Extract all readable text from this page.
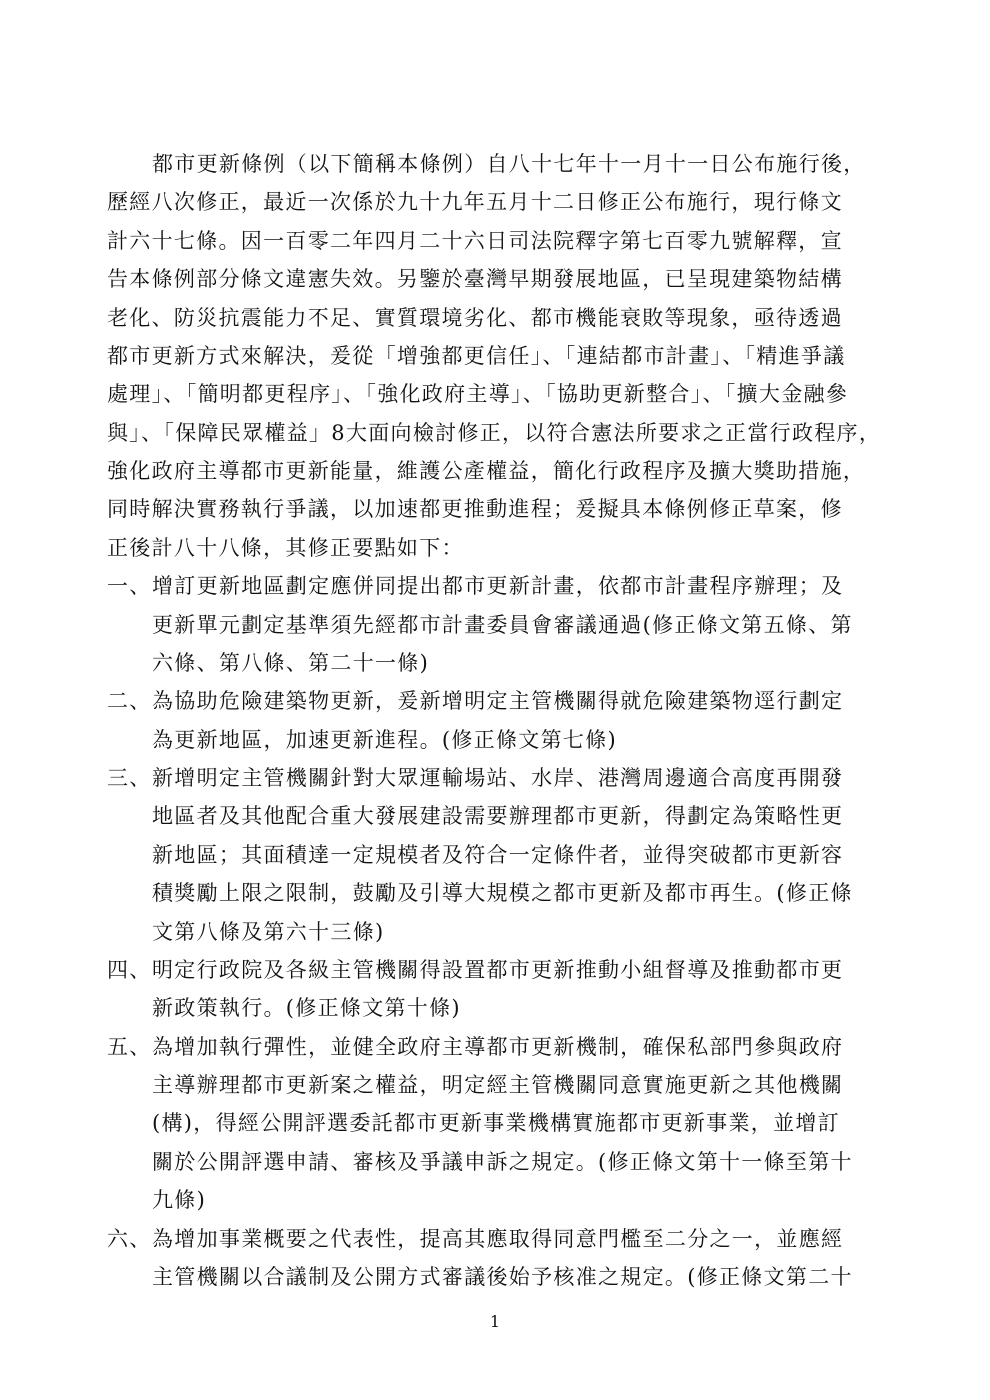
都市更新條例（以下簡稱本條例）自八十七年十一月十一日公布施行後，
歷經八次修正，最近一次係於九十九年五月十二日修正公布施行，現行條文
計六十七條。因一百零二年四月二十六日司法院釋字第七百零九號解釋，宣
告本條例部分條文違憲失效。另鑒於臺灣早期發展地區，已呈現建築物結構
老化、防災抗震能力不足、實質環境劣化、都市機能衰敗等現象，亟待透過
都市更新方式來解決，爰從「增強都更信任」、「連結都市計畫」、「精進爭議
處理」、「簡明都更程序」、「強化政府主導」、「協助更新整合」、「擴大金融參
與」、「保障民眾權益」8大面向檢討修正，以符合憲法所要求之正當行政程序，
強化政府主導都市更新能量，維護公產權益，簡化行政程序及擴大獎助措施，
同時解決實務執行爭議，以加速都更推動進程；爰擬具本條例修正草案，修
正後計八十八條，其修正要點如下：
一、 增訂更新地區劃定應併同提出都市更新計畫，依都市計畫程序辦理；及
更新單元劃定基準須先經都市計畫委員會審議通過(修正條文第五條、第
六條、第八條、第二十一條)
二、 為協助危險建築物更新，爰新增明定主管機關得就危險建築物逕行劃定
為更新地區，加速更新進程。(修正條文第七條)
三、 新增明定主管機關針對大眾運輸場站、水岸、港灣周邊適合高度再開發
地區者及其他配合重大發展建設需要辦理都市更新，得劃定為策略性更
新地區；其面積達一定規模者及符合一定條件者，並得突破都市更新容
積獎勵上限之限制，鼓勵及引導大規模之都市更新及都市再生。(修正條
文第八條及第六十三條)
四、 明定行政院及各級主管機關得設置都市更新推動小組督導及推動都市更
新政策執行。(修正條文第十條)
五、 為增加執行彈性，並健全政府主導都市更新機制，確保私部門參與政府
主導辦理都市更新案之權益，明定經主管機關同意實施更新之其他機關
(構)，得經公開評選委託都市更新事業機構實施都市更新事業，並增訂
關於公開評選申請、審核及爭議申訴之規定。(修正條文第十一條至第十
九條)
六、 為增加事業概要之代表性，提高其應取得同意門檻至二分之一，並應經
主管機關以合議制及公開方式審議後始予核准之規定。(修正條文第二十
1
